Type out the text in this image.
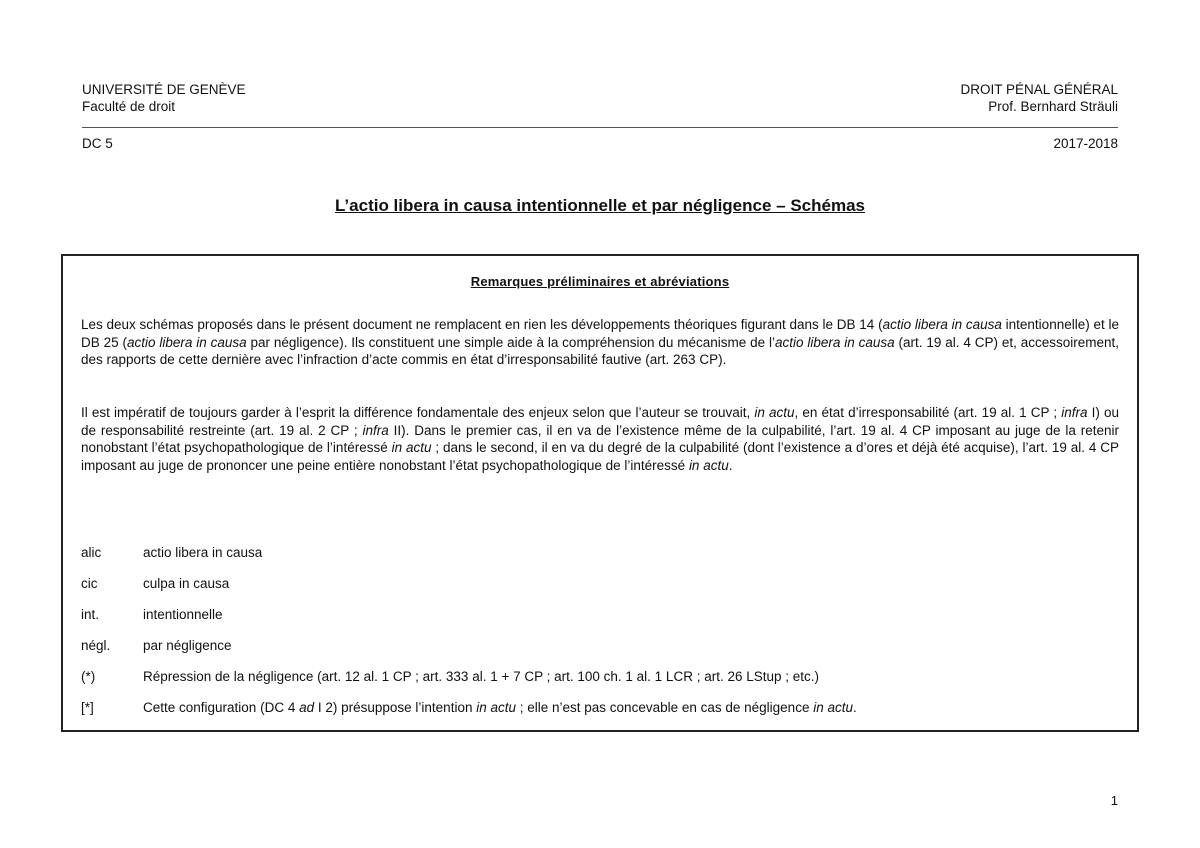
UNIVERSITÉ DE GENÈVE
Faculté de droit
DROIT PÉNAL GÉNÉRAL
Prof. Bernhard Sträuli
DC 5	2017-2018
L’actio libera in causa intentionnelle et par négligence – Schémas
Remarques préliminaires et abréviations

Les deux schémas proposés dans le présent document ne remplacent en rien les développements théoriques figurant dans le DB 14 (actio libera in causa intentionnelle) et le DB 25 (actio libera in causa par négligence). Ils constituent une simple aide à la compréhension du mécanisme de l’actio libera in causa (art. 19 al. 4 CP) et, accessoirement, des rapports de cette dernière avec l’infraction d’acte commis en état d’irresponsabilité fautive (art. 263 CP).

Il est impératif de toujours garder à l’esprit la différence fondamentale des enjeux selon que l’auteur se trouvait, in actu, en état d’irresponsabilité (art. 19 al. 1 CP ; infra I) ou de responsabilité restreinte (art. 19 al. 2 CP ; infra II). Dans le premier cas, il en va de l’existence même de la culpabilité, l’art. 19 al. 4 CP imposant au juge de la retenir nonobstant l’état psychopathologique de l’intéressé in actu ; dans le second, il en va du degré de la culpabilité (dont l’existence a d’ores et déjà été acquise), l’art. 19 al. 4 CP imposant au juge de prononcer une peine entière nonobstant l’état psychopathologique de l’intéressé in actu.

alic	actio libera in causa
cic	culpa in causa
int.	intentionnelle
négl. par négligence
(*)	Répression de la négligence (art. 12 al. 1 CP ; art. 333 al. 1 + 7 CP ; art. 100 ch. 1 al. 1 LCR ; art. 26 LStup ; etc.)
[*]	Cette configuration (DC 4 ad I 2) présuppose l’intention in actu ; elle n’est pas concevable en cas de négligence in actu.
1
